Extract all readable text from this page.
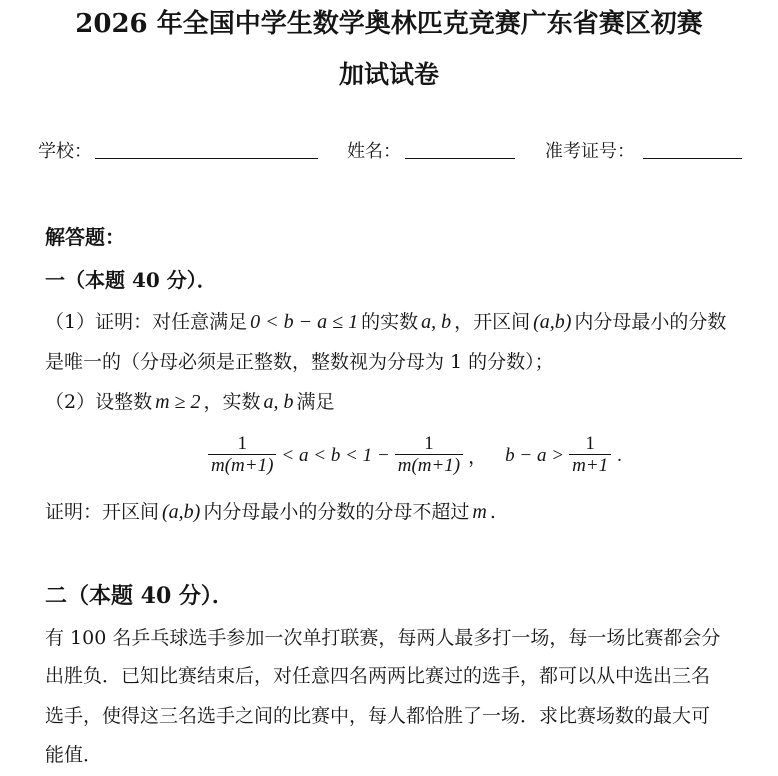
2026 年全国中学生数学奥林匹克竞赛广东省赛区初赛
加试试卷
学校：	姓名：	准考证号：
解答题：
一（本题 40 分）．
（1）证明：对任意满足 0 < b − a ≤ 1 的实数 a, b ，开区间 (a,b) 内分母最小的分数
是唯一的（分母必须是正整数，整数视为分母为 1 的分数）；
（2）设整数 m ≥ 2 ，实数 a, b 满足
$\frac{1}{m(m+1)} < a < b < 1 - \frac{1}{m(m+1)}$ ， $b - a > \frac{1}{m+1}$ .
证明：开区间 (a,b) 内分母最小的分数的分母不超过 m .
二（本题 40 分）．
有 100 名乒乓球选手参加一次单打联赛，每两人最多打一场，每一场比赛都会分
出胜负．已知比赛结束后，对任意四名两两比赛过的选手，都可以从中选出三名
选手，使得这三名选手之间的比赛中，每人都恰胜了一场．求比赛场数的最大可
能值．
